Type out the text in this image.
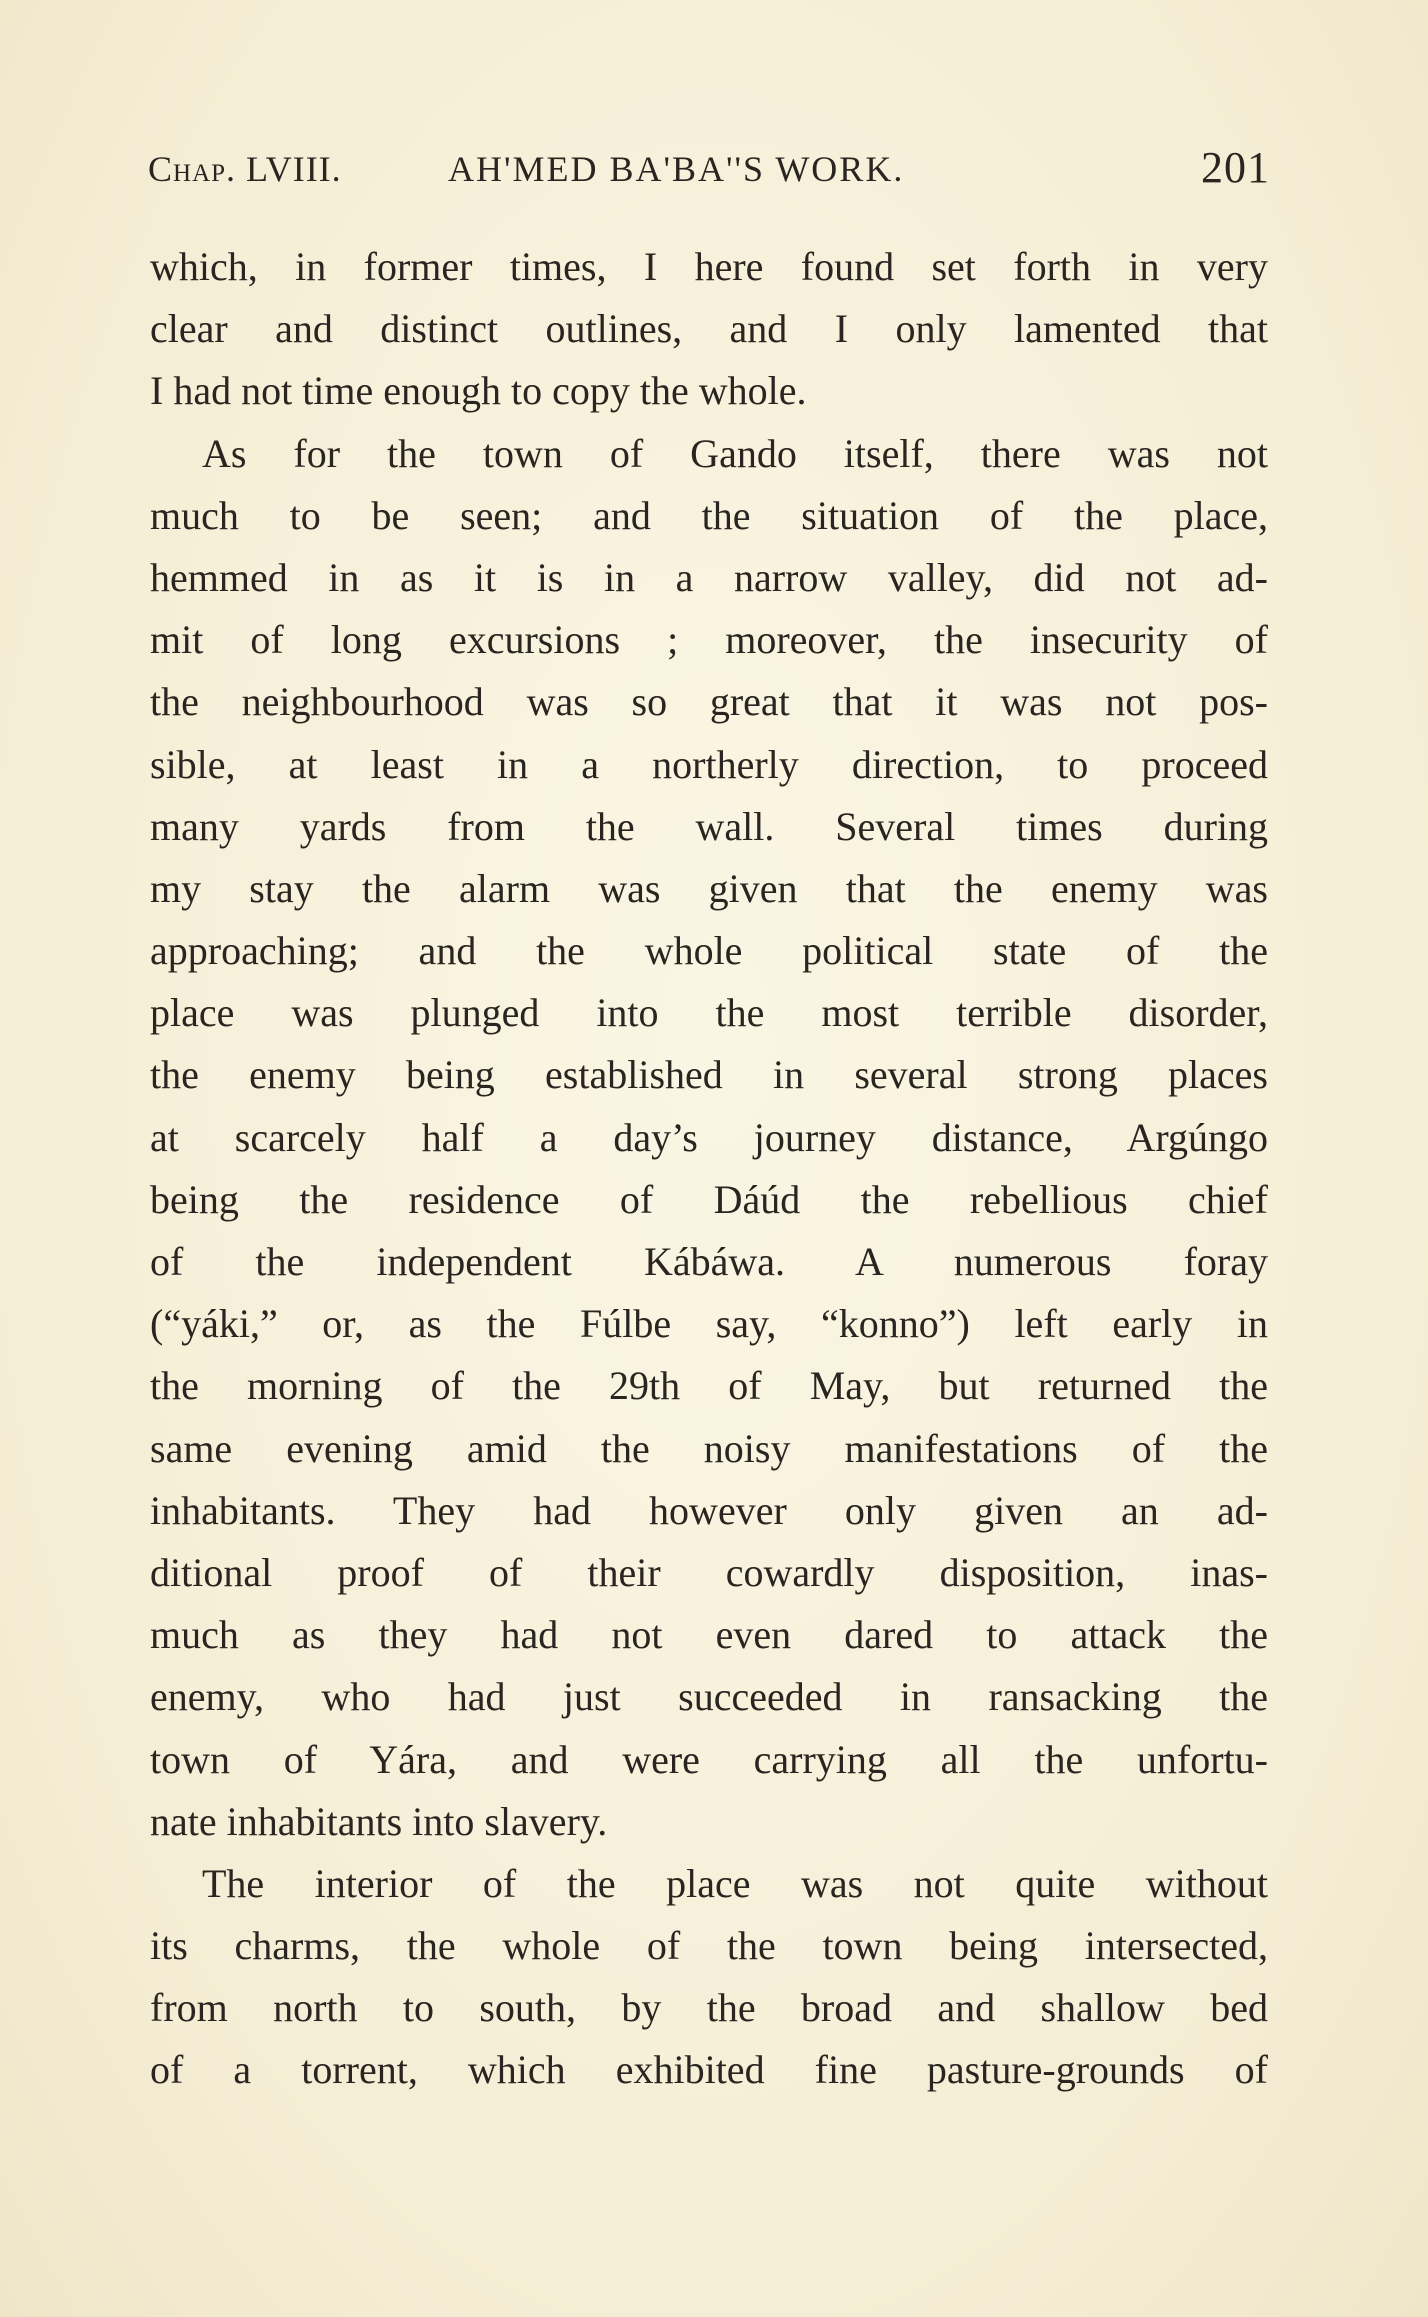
Chap. LVIII.	AH'MED BA'BA''S WORK.	201
which, in former times, I here found set forth in very
clear and distinct outlines, and I only lamented that
I had not time enough to copy the whole.
As for the town of Gando itself, there was not
much to be seen; and the situation of the place,
hemmed in as it is in a narrow valley, did not ad-
mit of long excursions ; moreover, the insecurity of
the neighbourhood was so great that it was not pos-
sible, at least in a northerly direction, to proceed
many yards from the wall. Several times during
my stay the alarm was given that the enemy was
approaching; and the whole political state of the
place was plunged into the most terrible disorder,
the enemy being established in several strong places
at scarcely half a day’s journey distance, Argúngo
being the residence of Dáúd the rebellious chief
of the independent Kábáwa. A numerous foray
(“yáki,” or, as the Fúlbe say, “konno”) left early in
the morning of the 29th of May, but returned the
same evening amid the noisy manifestations of the
inhabitants. They had however only given an ad-
ditional proof of their cowardly disposition, inas-
much as they had not even dared to attack the
enemy, who had just succeeded in ransacking the
town of Yára, and were carrying all the unfortu-
nate inhabitants into slavery.
The interior of the place was not quite without
its charms, the whole of the town being intersected,
from north to south, by the broad and shallow bed
of a torrent, which exhibited fine pasture-grounds of
